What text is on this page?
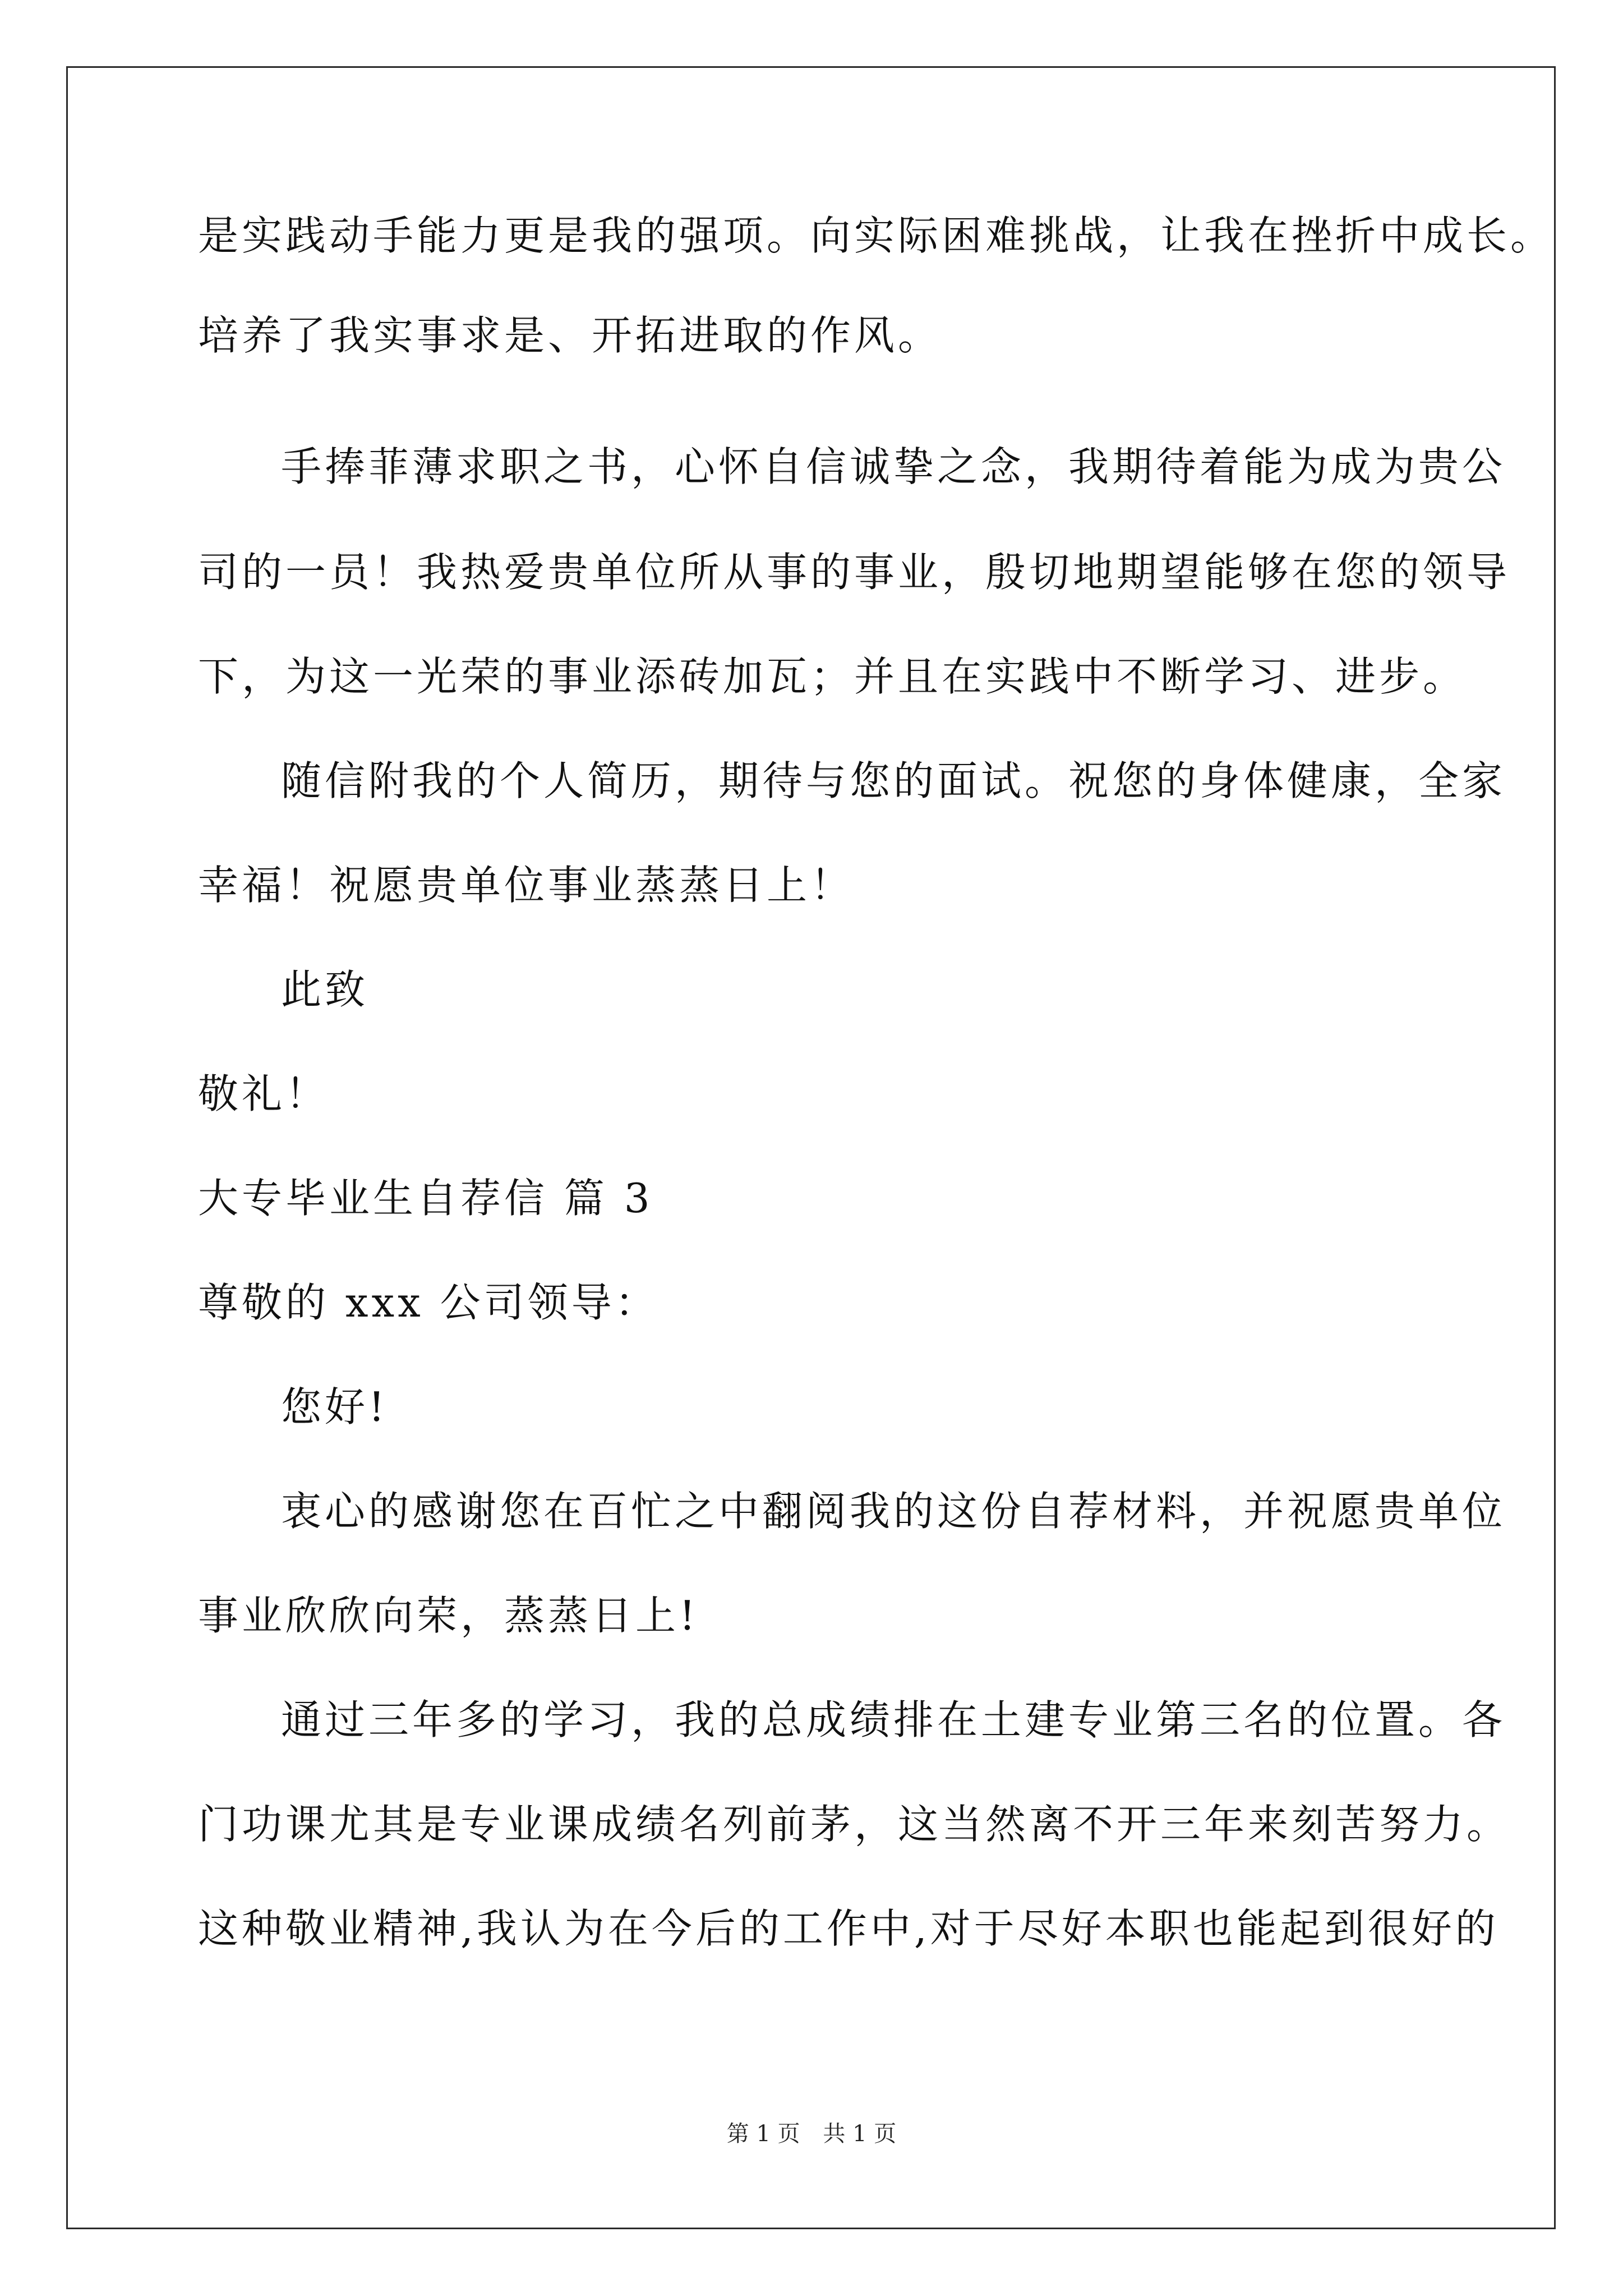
是实践动手能力更是我的强项。向实际困难挑战，让我在挫折中成长。
培养了我实事求是、开拓进取的作风。
手捧菲薄求职之书，心怀自信诚挚之念，我期待着能为成为贵公
司的一员！我热爱贵单位所从事的事业，殷切地期望能够在您的领导
下，为这一光荣的事业添砖加瓦；并且在实践中不断学习、进步。
随信附我的个人简历，期待与您的面试。祝您的身体健康，全家
幸福！祝愿贵单位事业蒸蒸日上！
此致
敬礼！
大专毕业生自荐信 篇 3
尊敬的 xxx 公司领导：
您好!
衷心的感谢您在百忙之中翻阅我的这份自荐材料，并祝愿贵单位
事业欣欣向荣，蒸蒸日上!
通过三年多的学习，我的总成绩排在土建专业第三名的位置。各
门功课尤其是专业课成绩名列前茅，这当然离不开三年来刻苦努力。
这种敬业精神,我认为在今后的工作中,对于尽好本职也能起到很好的
第 1 页 共 1 页
